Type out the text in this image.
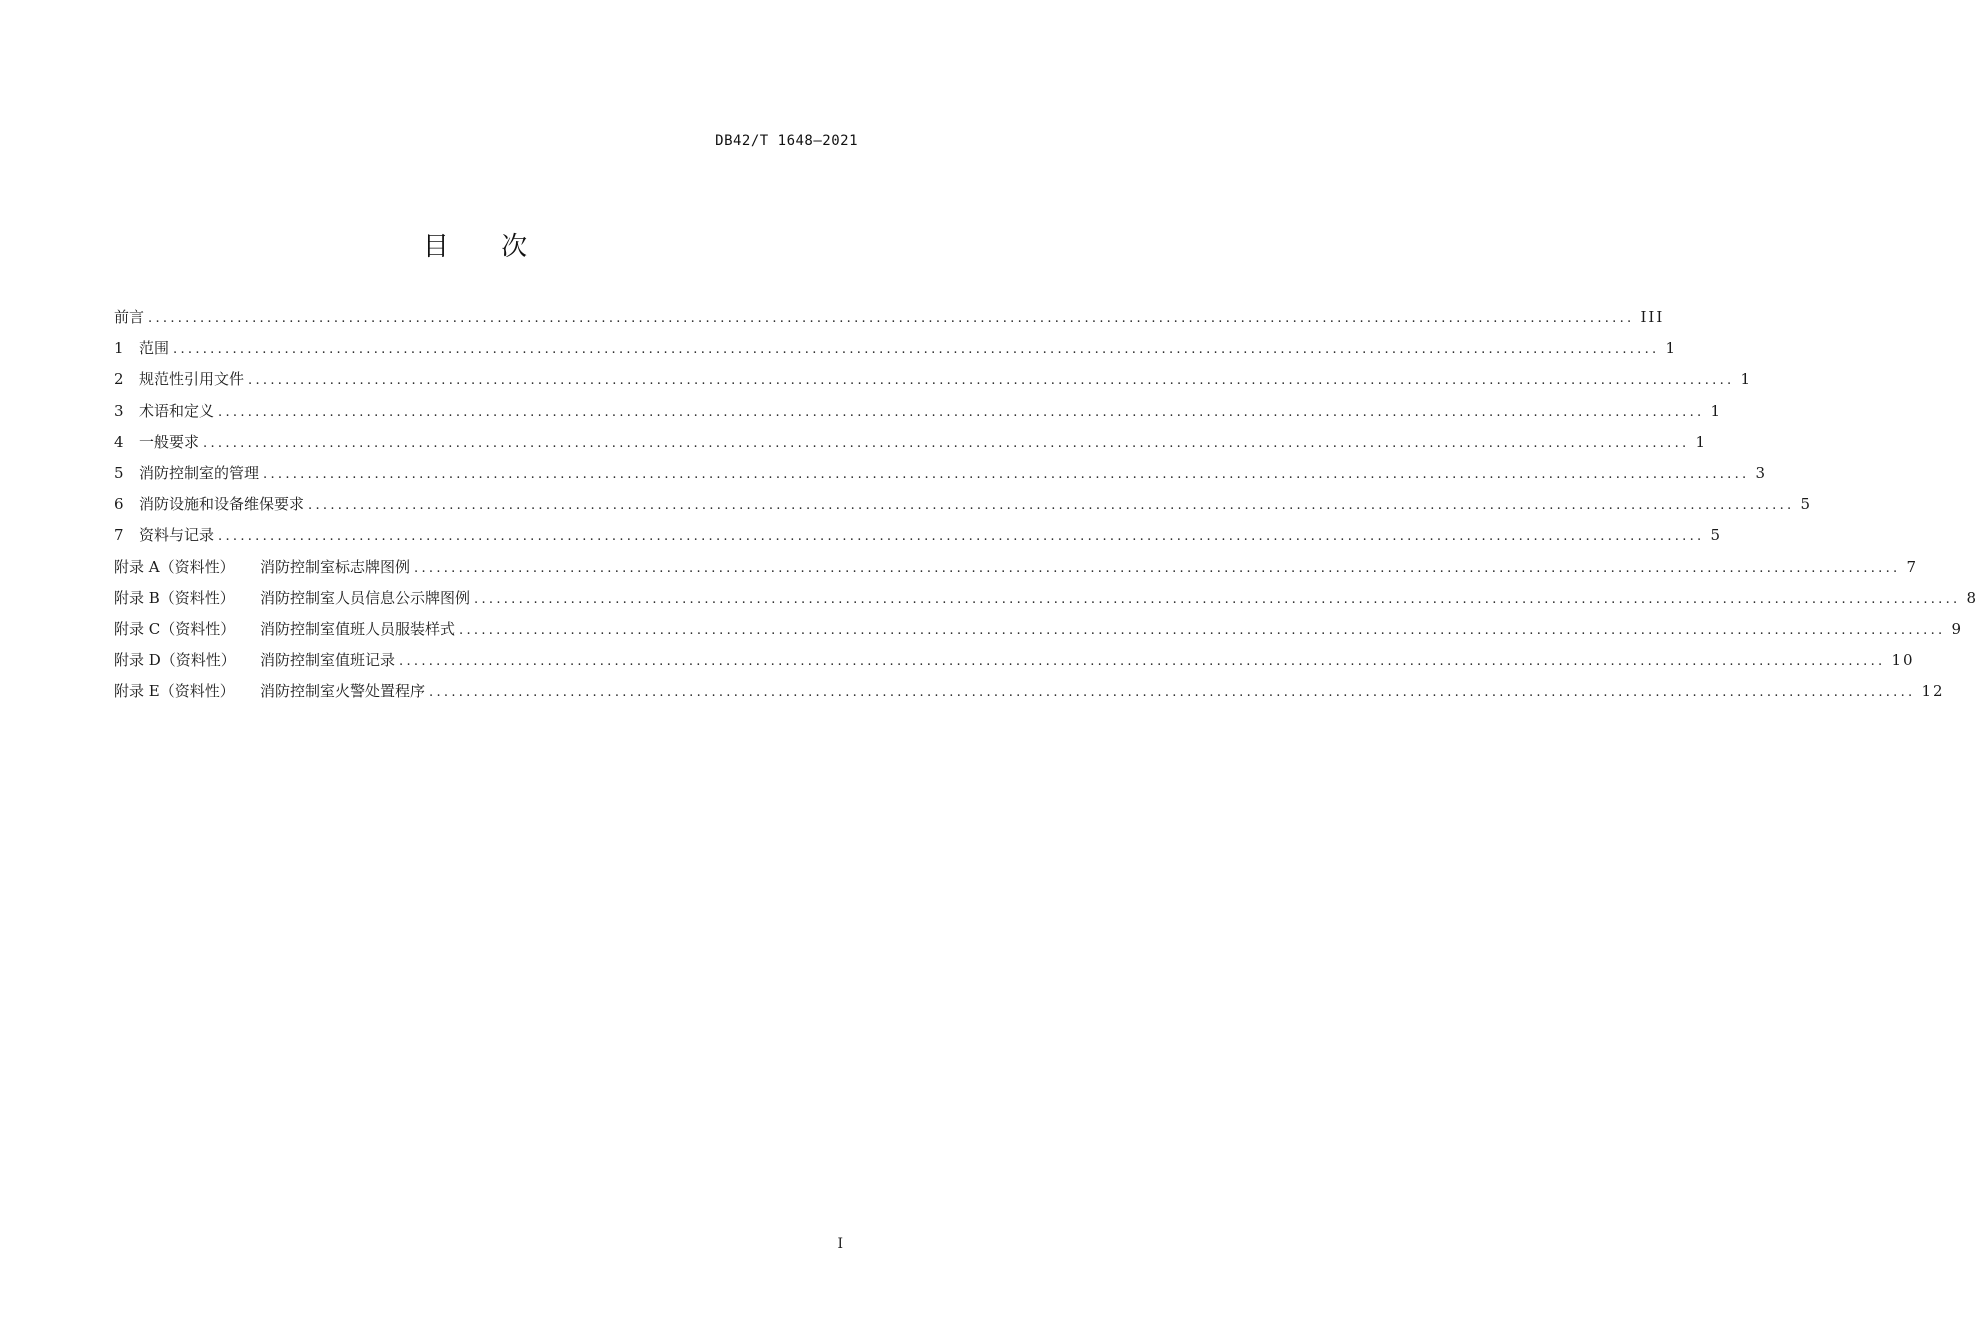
DB42/T 1648—2021
目 次
前言 ........................................................................................................................................................................................................ III
1	范围 ........................................................................................................................................................................................................ 1
2	规范性引用文件 ........................................................................................................................................................................................................ 1
3	术语和定义 ........................................................................................................................................................................................................ 1
4	一般要求 ........................................................................................................................................................................................................ 1
5	消防控制室的管理 ........................................................................................................................................................................................................ 3
6	消防设施和设备维保要求 ........................................................................................................................................................................................................ 5
7	资料与记录 ........................................................................................................................................................................................................ 5
附录 A（资料性）	消防控制室标志牌图例 ........................................................................................................................................................................................................ 7
附录 B（资料性）	消防控制室人员信息公示牌图例 ........................................................................................................................................................................................................ 8
附录 C（资料性）	消防控制室值班人员服装样式 ........................................................................................................................................................................................................ 9
附录 D（资料性）	消防控制室值班记录 ........................................................................................................................................................................................................ 10
附录 E（资料性）	消防控制室火警处置程序 ........................................................................................................................................................................................................ 12
I
